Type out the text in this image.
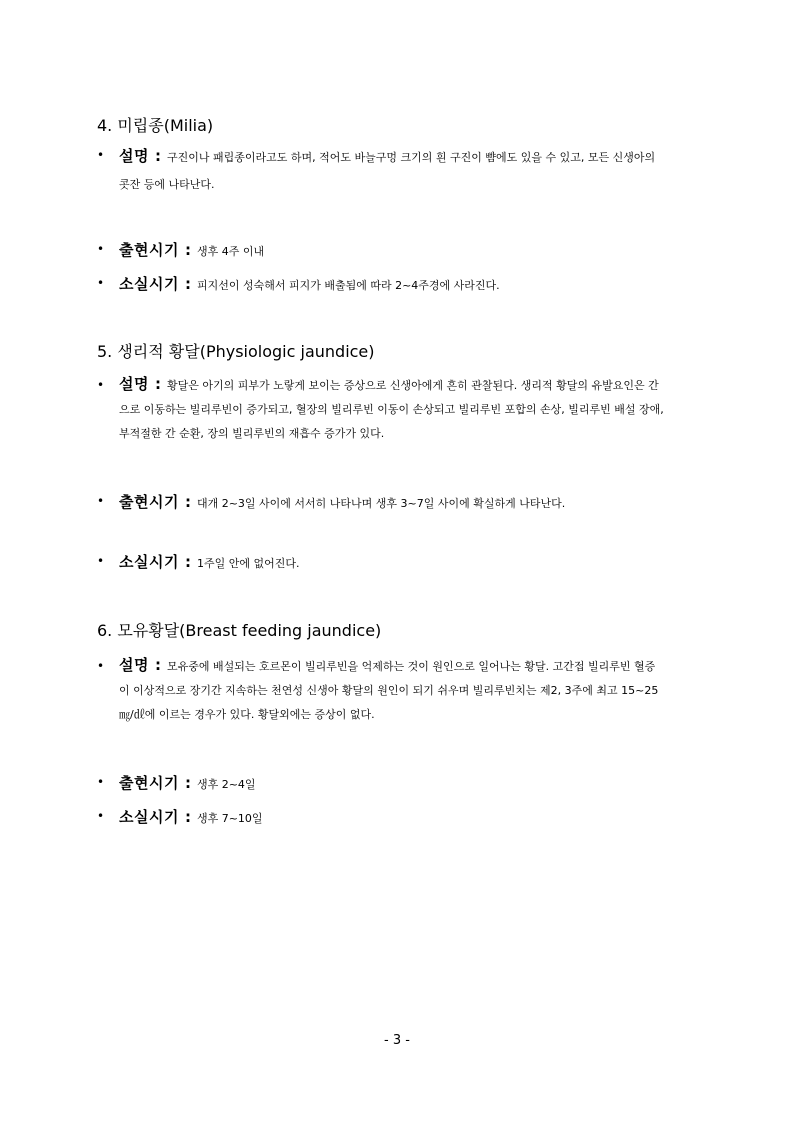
4. 미립종(Milia)
• 설명 : 구진이나 패립종이라고도 하며, 적어도 바늘구멍 크기의 흰 구진이 뺨에도 있을 수 있고, 모든 신생아의 콧잔 등에 나타난다.
• 출현시기 : 생후 4주 이내
• 소실시기 : 피지선이 성숙해서 피지가 배출됨에 따라 2~4주경에 사라진다.
5. 생리적 황달(Physiologic jaundice)
• 설명 : 황달은 아기의 피부가 노랗게 보이는 증상으로 신생아에게 흔히 관찰된다. 생리적 황달의 유발요인은 간으로 이동하는 빌리루빈이 증가되고, 혈장의 빌리루빈 이동이 손상되고 빌리루빈 포합의 손상, 빌리루빈 배설 장애, 부적절한 간 순환, 장의 빌리루빈의 재흡수 증가가 있다.
• 출현시기 : 대개 2~3일 사이에 서서히 나타나며 생후 3~7일 사이에 확실하게 나타난다.
• 소실시기 : 1주일 안에 없어진다.
6. 모유황달(Breast feeding jaundice)
• 설명 : 모유중에 배설되는 호르몬이 빌리루빈을 억제하는 것이 원인으로 일어나는 황달. 고간접 빌리루빈 혈증이 이상적으로 장기간 지속하는 천연성 신생아 황달의 원인이 되기 쉬우며 빌리루빈치는 제2, 3주에 최고 15~25㎎/㎗에 이르는 경우가 있다. 황달외에는 증상이 없다.
• 출현시기 : 생후 2~4일
• 소실시기 : 생후 7~10일
- 3 -
